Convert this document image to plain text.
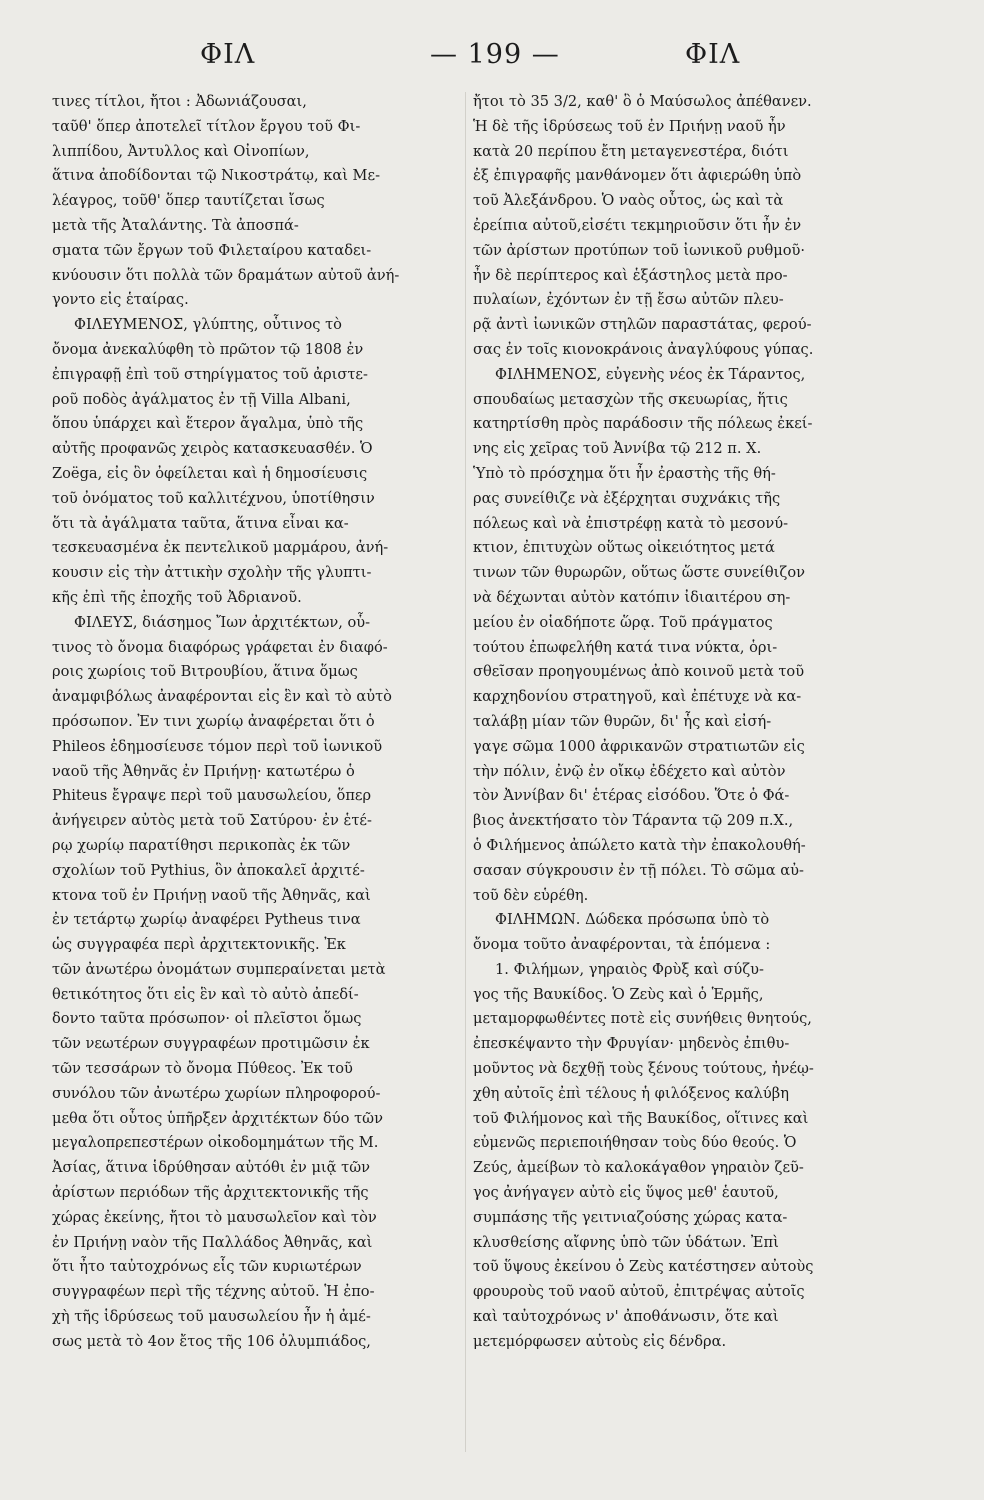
ΦΙΛ	— 199 —	ΦΙΛ
τινες τίτλοι, ἤτοι : Ἀδωνιάζουσαι,
ταῦθ' ὅπερ ἀποτελεῖ τίτλον ἔργου τοῦ Φι-
λιππίδου, Ἀντυλλος καὶ Οἰνοπίων,
ἅτινα ἀποδίδονται τῷ Νικοστράτῳ, καὶ Με-
λέαγρος, τοῦθ' ὅπερ ταυτίζεται ἴσως
μετὰ τῆς Ἀταλάντης. Τὰ ἀποσπά-
σματα τῶν ἔργων τοῦ Φιλεταίρου καταδει-
κνύουσιν ὅτι πολλὰ τῶν δραμάτων αὐτοῦ ἀνή-
γοντο εἰς ἑταίρας.
ΦΙΛΕΥΜΕΝΟΣ, γλύπτης, οὗτινος τὸ
ὄνομα ἀνεκαλύφθη τὸ πρῶτον τῷ 1808 ἐν
ἐπιγραφῇ ἐπὶ τοῦ στηρίγματος τοῦ ἀριστε-
ροῦ ποδὸς ἀγάλματος ἐν τῇ Villa Albani,
ὅπου ὑπάρχει καὶ ἕτερον ἄγαλμα, ὑπὸ τῆς
αὐτῆς προφανῶς χειρὸς κατασκευασθέν. Ὁ
Zoëga, εἰς ὃν ὀφείλεται καὶ ἡ δημοσίευσις
τοῦ ὀνόματος τοῦ καλλιτέχνου, ὑποτίθησιν
ὅτι τὰ ἀγάλματα ταῦτα, ἅτινα εἶναι κα-
τεσκευασμένα ἐκ πεντελικοῦ μαρμάρου, ἀνή-
κουσιν εἰς τὴν ἀττικὴν σχολὴν τῆς γλυπτι-
κῆς ἐπὶ τῆς ἐποχῆς τοῦ Ἀδριανοῦ.
ΦΙΛΕΥΣ, διάσημος Ἴων ἀρχιτέκτων, οὗ-
τινος τὸ ὄνομα διαφόρως γράφεται ἐν διαφό-
ροις χωρίοις τοῦ Βιτρουβίου, ἅτινα ὅμως
ἀναμφιβόλως ἀναφέρονται εἰς ἓν καὶ τὸ αὐτὸ
πρόσωπον. Ἐν τινι χωρίῳ ἀναφέρεται ὅτι ὁ
Phileos ἐδημοσίευσε τόμον περὶ τοῦ ἰωνικοῦ
ναοῦ τῆς Ἀθηνᾶς ἐν Πριήνῃ· κατωτέρω ὁ
Phiteus ἔγραψε περὶ τοῦ μαυσωλείου, ὅπερ
ἀνήγειρεν αὐτὸς μετὰ τοῦ Σατύρου· ἐν ἑτέ-
ρῳ χωρίῳ παρατίθησι περικοπὰς ἐκ τῶν
σχολίων τοῦ Pythius, ὃν ἀποκαλεῖ ἀρχιτέ-
κτονα τοῦ ἐν Πριήνῃ ναοῦ τῆς Ἀθηνᾶς, καὶ
ἐν τετάρτῳ χωρίῳ ἀναφέρει Pytheus τινα
ὡς συγγραφέα περὶ ἀρχιτεκτονικῆς. Ἐκ
τῶν ἀνωτέρω ὀνομάτων συμπεραίνεται μετὰ
θετικότητος ὅτι εἰς ἓν καὶ τὸ αὐτὸ ἀπεδί-
δοντο ταῦτα πρόσωπον· οἱ πλεῖστοι ὅμως
τῶν νεωτέρων συγγραφέων προτιμῶσιν ἐκ
τῶν τεσσάρων τὸ ὄνομα Πύθεος. Ἐκ τοῦ
συνόλου τῶν ἀνωτέρω χωρίων πληροφορού-
μεθα ὅτι οὗτος ὑπῆρξεν ἀρχιτέκτων δύο τῶν
μεγαλοπρεπεστέρων οἰκοδομημάτων τῆς Μ.
Ἀσίας, ἅτινα ἱδρύθησαν αὐτόθι ἐν μιᾷ τῶν
ἀρίστων περιόδων τῆς ἀρχιτεκτονικῆς τῆς
χώρας ἐκείνης, ἤτοι τὸ μαυσωλεῖον καὶ τὸν
ἐν Πριήνῃ ναὸν τῆς Παλλάδος Ἀθηνᾶς, καὶ
ὅτι ἦτο ταὐτοχρόνως εἷς τῶν κυριωτέρων
συγγραφέων περὶ τῆς τέχνης αὐτοῦ. Ἡ ἐπο-
χὴ τῆς ἱδρύσεως τοῦ μαυσωλείου ἦν ἡ ἀμέ-
σως μετὰ τὸ 4ον ἔτος τῆς 106 ὀλυμπιάδος,
ἤτοι τὸ 35 3/2, καθ' ὃ ὁ Μαύσωλος ἀπέθανεν.
Ἡ δὲ τῆς ἱδρύσεως τοῦ ἐν Πριήνῃ ναοῦ ἦν
κατὰ 20 περίπου ἔτη μεταγενεστέρα, διότι
ἐξ ἐπιγραφῆς μανθάνομεν ὅτι ἀφιερώθη ὑπὸ
τοῦ Ἀλεξάνδρου. Ὁ ναὸς οὗτος, ὡς καὶ τὰ
ἐρείπια αὐτοῦ,εἰσέτι τεκμηριοῦσιν ὅτι ἦν ἐν
τῶν ἀρίστων προτύπων τοῦ ἰωνικοῦ ρυθμοῦ·
ἦν δὲ περίπτερος καὶ ἑξάστηλος μετὰ προ-
πυλαίων, ἐχόντων ἐν τῇ ἔσω αὐτῶν πλευ-
ρᾷ ἀντὶ ἰωνικῶν στηλῶν παραστάτας, φερού-
σας ἐν τοῖς κιονοκράνοις ἀναγλύφους γύπας.
ΦΙΛΗΜΕΝΟΣ, εὐγενὴς νέος ἐκ Τάραντος,
σπουδαίως μετασχὼν τῆς σκευωρίας, ἥτις
κατηρτίσθη πρὸς παράδοσιν τῆς πόλεως ἐκεί-
νης εἰς χεῖρας τοῦ Ἀννίβα τῷ 212 π. Χ.
Ὑπὸ τὸ πρόσχημα ὅτι ἦν ἐραστὴς τῆς θή-
ρας συνείθιζε νὰ ἐξέρχηται συχνάκις τῆς
πόλεως καὶ νὰ ἐπιστρέφῃ κατὰ τὸ μεσονύ-
κτιον, ἐπιτυχὼν οὕτως οἰκειότητος μετά
τινων τῶν θυρωρῶν, οὕτως ὥστε συνείθιζον
νὰ δέχωνται αὐτὸν κατόπιν ἰδιαιτέρου ση-
μείου ἐν οἱαδήποτε ὥρᾳ. Τοῦ πράγματος
τούτου ἐπωφελήθη κατά τινα νύκτα, ὁρι-
σθεῖσαν προηγουμένως ἀπὸ κοινοῦ μετὰ τοῦ
καρχηδονίου στρατηγοῦ, καὶ ἐπέτυχε νὰ κα-
ταλάβῃ μίαν τῶν θυρῶν, δι' ἧς καὶ εἰσή-
γαγε σῶμα 1000 ἀφρικανῶν στρατιωτῶν εἰς
τὴν πόλιν, ἐνῷ ἐν οἴκῳ ἐδέχετο καὶ αὐτὸν
τὸν Ἀννίβαν δι' ἑτέρας εἰσόδου. Ὅτε ὁ Φά-
βιος ἀνεκτήσατο τὸν Τάραντα τῷ 209 π.Χ.,
ὁ Φιλήμενος ἀπώλετο κατὰ τὴν ἐπακολουθή-
σασαν σύγκρουσιν ἐν τῇ πόλει. Τὸ σῶμα αὐ-
τοῦ δὲν εὑρέθη.
ΦΙΛΗΜΩΝ. Δώδεκα πρόσωπα ὑπὸ τὸ
ὄνομα τοῦτο ἀναφέρονται, τὰ ἑπόμενα :
1. Φιλήμων, γηραιὸς Φρὺξ καὶ σύζυ-
γος τῆς Βαυκίδος. Ὁ Ζεὺς καὶ ὁ Ἑρμῆς,
μεταμορφωθέντες ποτὲ εἰς συνήθεις θνητούς,
ἐπεσκέψαντο τὴν Φρυγίαν· μηδενὸς ἐπιθυ-
μοῦντος νὰ δεχθῇ τοὺς ξένους τούτους, ἠνέῳ-
χθη αὐτοῖς ἐπὶ τέλους ἡ φιλόξενος καλύβη
τοῦ Φιλήμονος καὶ τῆς Βαυκίδος, οἵτινες καὶ
εὐμενῶς περιεποιήθησαν τοὺς δύο θεούς. Ὁ
Ζεύς, ἀμείβων τὸ καλοκάγαθον γηραιὸν ζεῦ-
γος ἀνήγαγεν αὐτὸ εἰς ὕψος μεθ' ἑαυτοῦ,
συμπάσης τῆς γειτνιαζούσης χώρας κατα-
κλυσθείσης αἴφνης ὑπὸ τῶν ὑδάτων. Ἐπὶ
τοῦ ὕψους ἐκείνου ὁ Ζεὺς κατέστησεν αὐτοὺς
φρουροὺς τοῦ ναοῦ αὐτοῦ, ἐπιτρέψας αὐτοῖς
καὶ ταὐτοχρόνως ν' ἀποθάνωσιν, ὅτε καὶ
μετεμόρφωσεν αὐτοὺς εἰς δένδρα.
